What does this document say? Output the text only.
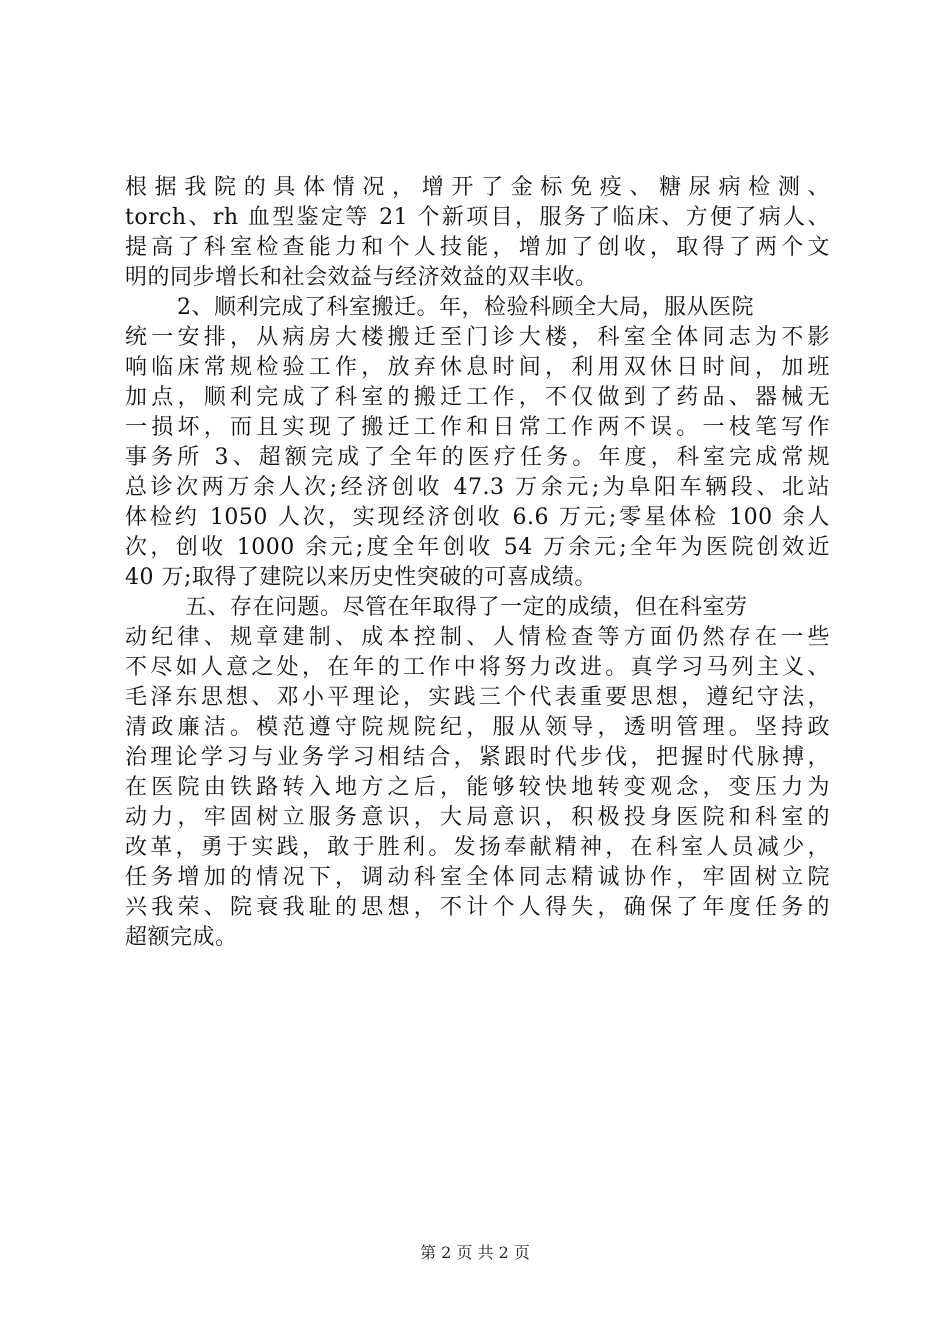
根据我院的具体情况，增开了金标免疫、糖尿病检测、
torch、rh 血型鉴定等 21 个新项目，服务了临床、方便了病人、
提高了科室检查能力和个人技能，增加了创收，取得了两个文
明的同步增长和社会效益与经济效益的双丰收。
2、顺利完成了科室搬迁。年，检验科顾全大局，服从医院
统一安排，从病房大楼搬迁至门诊大楼，科室全体同志为不影
响临床常规检验工作，放弃休息时间，利用双休日时间，加班
加点，顺利完成了科室的搬迁工作，不仅做到了药品、器械无
一损坏，而且实现了搬迁工作和日常工作两不误。一枝笔写作
事务所 3、超额完成了全年的医疗任务。年度，科室完成常规
总诊次两万余人次;经济创收 47.3 万余元;为阜阳车辆段、北站
体检约 1050 人次，实现经济创收 6.6 万元;零星体检 100 余人
次，创收 1000 余元;度全年创收 54 万余元;全年为医院创效近
40 万;取得了建院以来历史性突破的可喜成绩。
五、存在问题。尽管在年取得了一定的成绩，但在科室劳
动纪律、规章建制、成本控制、人情检查等方面仍然存在一些
不尽如人意之处，在年的工作中将努力改进。真学习马列主义、
毛泽东思想、邓小平理论，实践三个代表重要思想，遵纪守法，
清政廉洁。模范遵守院规院纪，服从领导，透明管理。坚持政
治理论学习与业务学习相结合，紧跟时代步伐，把握时代脉搏，
在医院由铁路转入地方之后，能够较快地转变观念，变压力为
动力，牢固树立服务意识，大局意识，积极投身医院和科室的
改革，勇于实践，敢于胜利。发扬奉献精神，在科室人员减少，
任务增加的情况下，调动科室全体同志精诚协作，牢固树立院
兴我荣、院衰我耻的思想，不计个人得失，确保了年度任务的
超额完成。
第 2 页 共 2 页
